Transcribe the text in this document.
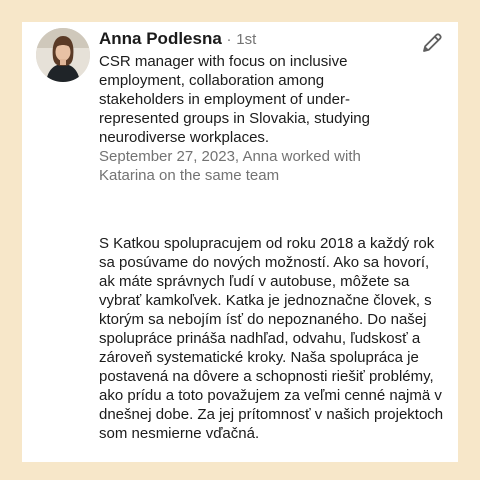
Anna Podlesna · 1st
CSR manager with focus on inclusive employment, collaboration among stakeholders in employment of under-represented groups in Slovakia, studying neurodiverse workplaces.
September 27, 2023, Anna worked with Katarina on the same team
S Katkou spolupracujem od roku 2018 a každý rok sa posúvame do nových možností. Ako sa hovorí, ak máte správnych ľudí v autobuse, môžete sa vybrať kamkoľvek. Katka je jednoznačne človek, s ktorým sa nebojím ísť do nepoznaného. Do našej spolupráce prináša nadhľad, odvahu, ľudskosť a zároveň systematické kroky. Naša spolupráca je postavená na dôvere a schopnosti riešiť problémy, ako prídu a toto považujem za veľmi cenné najmä v dnešnej dobe. Za jej prítomnosť v našich projektoch som nesmierne vďačná.
